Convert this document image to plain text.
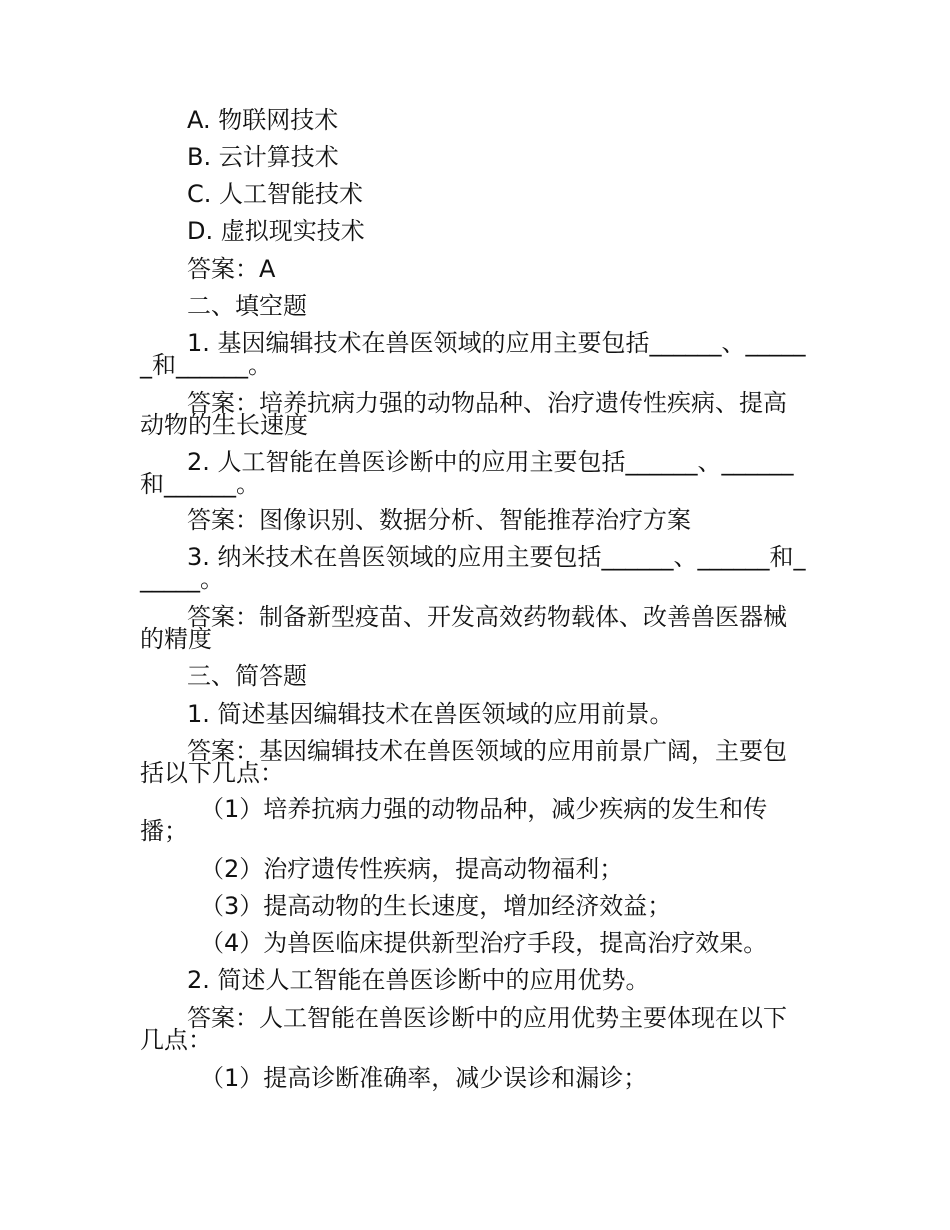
A. 物联网技术
B. 云计算技术
C. 人工智能技术
D. 虚拟现实技术
答案：A
二、填空题
1. 基因编辑技术在兽医领域的应用主要包括______、______和______。
答案：培养抗病力强的动物品种、治疗遗传性疾病、提高动物的生长速度
2. 人工智能在兽医诊断中的应用主要包括______、______和______。
答案：图像识别、数据分析、智能推荐治疗方案
3. 纳米技术在兽医领域的应用主要包括______、______和______。
答案：制备新型疫苗、开发高效药物载体、改善兽医器械的精度
三、简答题
1. 简述基因编辑技术在兽医领域的应用前景。
答案：基因编辑技术在兽医领域的应用前景广阔，主要包括以下几点：
（1）培养抗病力强的动物品种，减少疾病的发生和传播；
（2）治疗遗传性疾病，提高动物福利；
（3）提高动物的生长速度，增加经济效益；
（4）为兽医临床提供新型治疗手段，提高治疗效果。
2. 简述人工智能在兽医诊断中的应用优势。
答案：人工智能在兽医诊断中的应用优势主要体现在以下几点：
（1）提高诊断准确率，减少误诊和漏诊；
